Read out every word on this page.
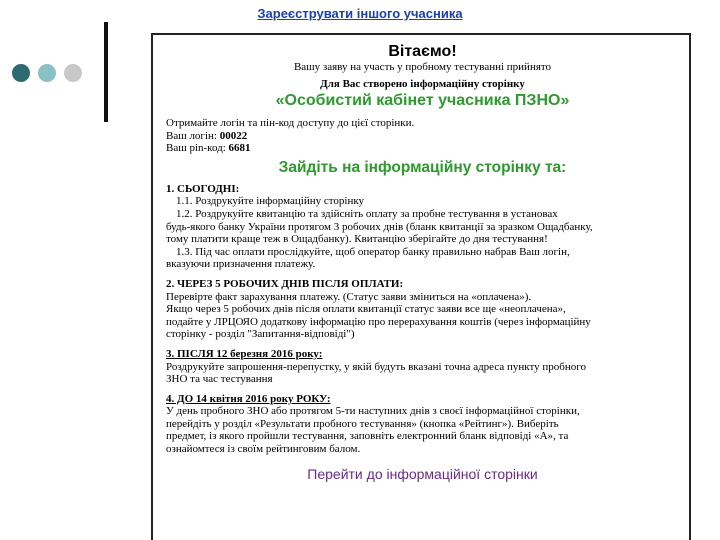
Зареєструвати іншого учасника
Вітаємо!
Вашу заяву на участь у пробному тестуванні прийнято
Для Вас створено інформаційну сторінку
«Особистий кабінет учасника ПЗНО»
Отримайте логін та пін-код доступу до цієї сторінки.
Ваш логін: 00022
Ваш pin-код: 6681
Зайдіть на інформаційну сторінку та:
1. СЬОГОДНІ:
1.1. Роздрукуйте інформаційну сторінку
1.2. Роздрукуйте квитанцію та здійсніть оплату за пробне тестування в установах
будь-якого банку України протягом 3 робочих днів (бланк квитанції за зразком Ощадбанку,
тому платити краще теж в Ощадбанку). Квитанцію зберігайте до дня тестування!
1.3. Під час оплати прослідкуйте, щоб оператор банку правильно набрав Ваш логін,
вказуючи призначення платежу.
2. ЧЕРЕЗ 5 РОБОЧИХ ДНІВ ПІСЛЯ ОПЛАТИ:
Перевірте факт зарахування платежу. (Статус заяви зміниться на «оплачена»).
Якщо через 5 робочих днів після оплати квитанції статус заяви все ще «неоплачена»,
подайте у ЛРЦОЯО додаткову інформацію про перерахування коштів (через інформаційну
сторінку - розділ "Запитання-відповіді")
3. ПІСЛЯ 12 березня 2016 року:
Роздрукуйте запрошення-перепустку, у якій будуть вказані точна адреса пункту пробного
ЗНО та час тестування
4. ДО 14 квітня 2016 року РОКУ:
У день пробного ЗНО або протягом 5-ти наступних днів з своєї інформаційної сторінки,
перейдіть у розділ «Результати пробного тестування» (кнопка «Рейтинг»). Виберіть
предмет, із якого пройшли тестування, заповніть електронний бланк відповіді «А», та
ознайомтеся із своїм рейтинговим балом.
Перейти до інформаційної сторінки
